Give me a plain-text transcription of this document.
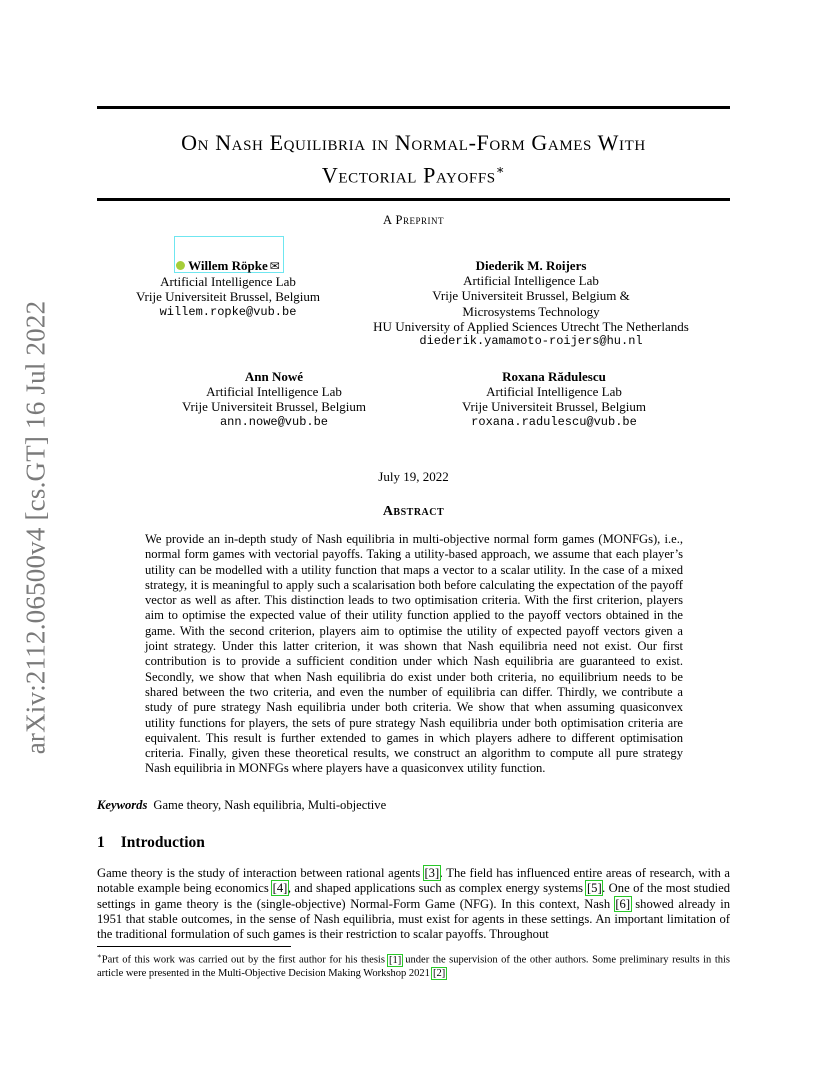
arXiv:2112.06500v4 [cs.GT] 16 Jul 2022
On Nash Equilibria in Normal-Form Games With
Vectorial Payoffs∗
A Preprint
Willem Röpke ✉
Artificial Intelligence Lab
Vrije Universiteit Brussel, Belgium
willem.ropke@vub.be
Diederik M. Roijers
Artificial Intelligence Lab
Vrije Universiteit Brussel, Belgium &
Microsystems Technology
HU University of Applied Sciences Utrecht The Netherlands
diederik.yamamoto-roijers@hu.nl
Ann Nowé
Artificial Intelligence Lab
Vrije Universiteit Brussel, Belgium
ann.nowe@vub.be
Roxana Rădulescu
Artificial Intelligence Lab
Vrije Universiteit Brussel, Belgium
roxana.radulescu@vub.be
July 19, 2022
Abstract
We provide an in-depth study of Nash equilibria in multi-objective normal form games (MONFGs), i.e., normal form games with vectorial payoffs. Taking a utility-based approach, we assume that each player’s utility can be modelled with a utility function that maps a vector to a scalar utility. In the case of a mixed strategy, it is meaningful to apply such a scalarisation both before calculating the expectation of the payoff vector as well as after. This distinction leads to two optimisation criteria. With the first criterion, players aim to optimise the expected value of their utility function applied to the payoff vectors obtained in the game. With the second criterion, players aim to optimise the utility of expected payoff vectors given a joint strategy. Under this latter criterion, it was shown that Nash equilibria need not exist. Our first contribution is to provide a sufficient condition under which Nash equilibria are guaranteed to exist. Secondly, we show that when Nash equilibria do exist under both criteria, no equilibrium needs to be shared between the two criteria, and even the number of equilibria can differ. Thirdly, we contribute a study of pure strategy Nash equilibria under both criteria. We show that when assuming quasiconvex utility functions for players, the sets of pure strategy Nash equilibria under both optimisation criteria are equivalent. This result is further extended to games in which players adhere to different optimisation criteria. Finally, given these theoretical results, we construct an algorithm to compute all pure strategy Nash equilibria in MONFGs where players have a quasiconvex utility function.
Keywords Game theory, Nash equilibria, Multi-objective
1 Introduction
Game theory is the study of interaction between rational agents [3]. The field has influenced entire areas of research, with a notable example being economics [4], and shaped applications such as complex energy systems [5]. One of the most studied settings in game theory is the (single-objective) Normal-Form Game (NFG). In this context, Nash [6] showed already in 1951 that stable outcomes, in the sense of Nash equilibria, must exist for agents in these settings. An important limitation of the traditional formulation of such games is their restriction to scalar payoffs. Throughout
∗Part of this work was carried out by the first author for his thesis [1] under the supervision of the other authors. Some preliminary results in this article were presented in the Multi-Objective Decision Making Workshop 2021 [2]
